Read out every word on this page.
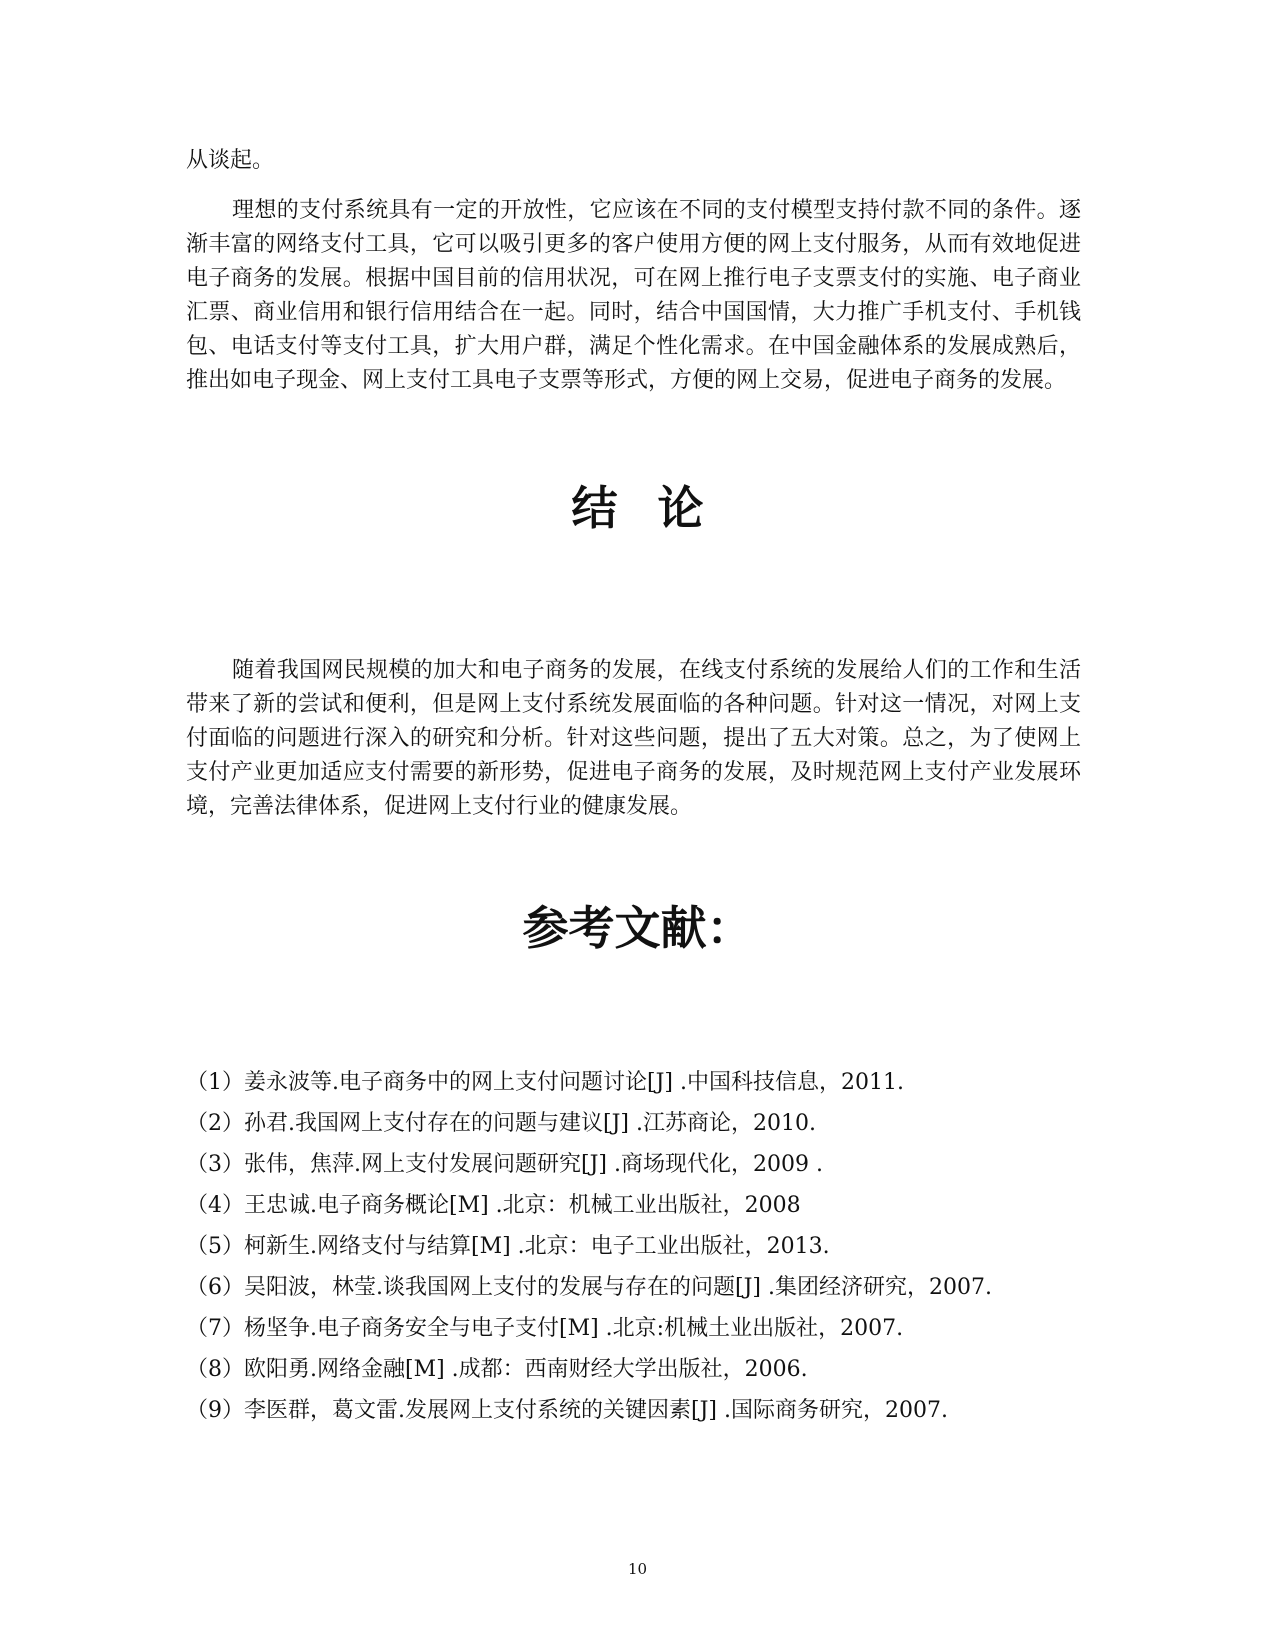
从谈起。

理想的支付系统具有一定的开放性，它应该在不同的支付模型支持付款不同的条件。逐渐丰富的网络支付工具，它可以吸引更多的客户使用方便的网上支付服务，从而有效地促进电子商务的发展。根据中国目前的信用状况，可在网上推行电子支票支付的实施、电子商业汇票、商业信用和银行信用结合在一起。同时，结合中国国情，大力推广手机支付、手机钱包、电话支付等支付工具，扩大用户群，满足个性化需求。在中国金融体系的发展成熟后，推出如电子现金、网上支付工具电子支票等形式，方便的网上交易，促进电子商务的发展。

结论

随着我国网民规模的加大和电子商务的发展，在线支付系统的发展给人们的工作和生活带来了新的尝试和便利，但是网上支付系统发展面临的各种问题。针对这一情况，对网上支付面临的问题进行深入的研究和分析。针对这些问题，提出了五大对策。总之，为了使网上支付产业更加适应支付需要的新形势，促进电子商务的发展，及时规范网上支付产业发展环境，完善法律体系，促进网上支付行业的健康发展。

参考文献：
（1）姜永波等.电子商务中的网上支付问题讨论[J] .中国科技信息，2011.
（2）孙君.我国网上支付存在的问题与建议[J] .江苏商论，2010.
（3）张伟，焦萍.网上支付发展问题研究[J] .商场现代化，2009 .
（4）王忠诚.电子商务概论[M] .北京：机械工业出版社，2008
（5）柯新生.网络支付与结算[M] .北京：电子工业出版社，2013.
（6）吴阳波，林莹.谈我国网上支付的发展与存在的问题[J] .集团经济研究，2007.
（7）杨坚争.电子商务安全与电子支付[M] .北京:机械土业出版社，2007.
（8）欧阳勇.网络金融[M] .成都：西南财经大学出版社，2006.
（9）李医群，葛文雷.发展网上支付系统的关键因素[J] .国际商务研究，2007.
10
